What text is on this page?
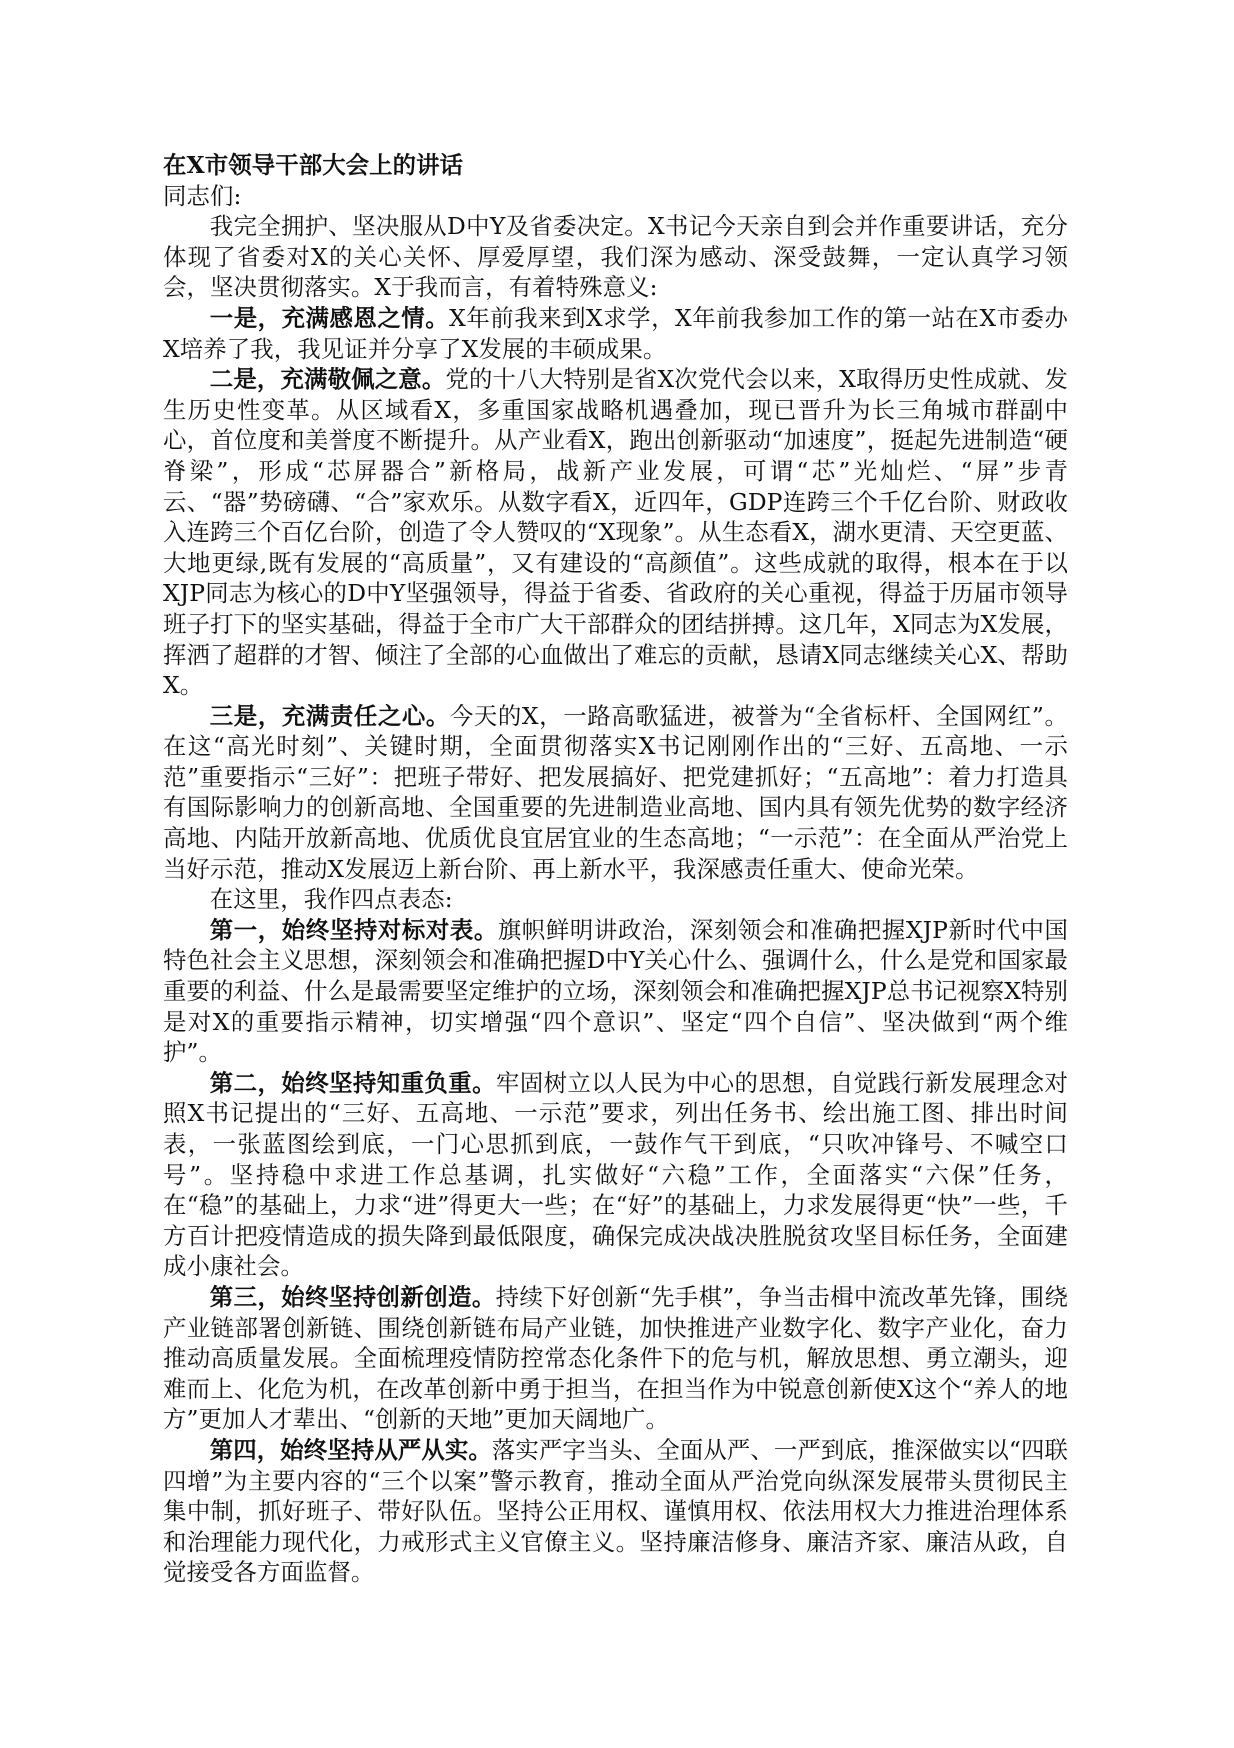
在X市领导干部大会上的讲话

同志们:

我完全拥护、坚决服从D中Y及省委决定。X书记今天亲自到会并作重要讲话，充分体现了省委对X的关心关怀、厚爱厚望，我们深为感动、深受鼓舞，一定认真学习领会，坚决贯彻落实。X于我而言，有着特殊意义:

一是，充满感恩之情。X年前我来到X求学，X年前我参加工作的第一站在X市委办X培养了我，我见证并分享了X发展的丰硕成果。

二是，充满敬佩之意。党的十八大特别是省X次党代会以来，X取得历史性成就、发生历史性变革。从区域看X，多重国家战略机遇叠加，现已晋升为长三角城市群副中心，首位度和美誉度不断提升。从产业看X，跑出创新驱动“加速度”，挺起先进制造“硬脊梁”，形成“芯屏器合”新格局，战新产业发展，可谓“芯”光灿烂、“屏”步青云、“器”势磅礴、“合”家欢乐。从数字看X，近四年，GDP连跨三个千亿台阶、财政收入连跨三个百亿台阶，创造了令人赞叹的“X现象”。从生态看X，湖水更清、天空更蓝、大地更绿,既有发展的“高质量”，又有建设的“高颜值”。这些成就的取得，根本在于以XJP同志为核心的D中Y坚强领导，得益于省委、省政府的关心重视，得益于历届市领导班子打下的坚实基础，得益于全市广大干部群众的团结拼搏。这几年，X同志为X发展，挥洒了超群的才智、倾注了全部的心血做出了难忘的贡献，恳请X同志继续关心X、帮助X。

三是，充满责任之心。今天的X，一路高歌猛进，被誉为“全省标杆、全国网红”。在这“高光时刻”、关键时期，全面贯彻落实X书记刚刚作出的“三好、五高地、一示范”重要指示“三好”：把班子带好、把发展搞好、把党建抓好；“五高地”：着力打造具有国际影响力的创新高地、全国重要的先进制造业高地、国内具有领先优势的数字经济高地、内陆开放新高地、优质优良宜居宜业的生态高地；“一示范”：在全面从严治党上当好示范，推动X发展迈上新台阶、再上新水平，我深感责任重大、使命光荣。

在这里，我作四点表态:

第一，始终坚持对标对表。旗帜鲜明讲政治，深刻领会和准确把握XJP新时代中国特色社会主义思想，深刻领会和准确把握D中Y关心什么、强调什么，什么是党和国家最重要的利益、什么是最需要坚定维护的立场，深刻领会和准确把握XJP总书记视察X特别是对X的重要指示精神，切实增强“四个意识”、坚定“四个自信”、坚决做到“两个维护”。

第二，始终坚持知重负重。牢固树立以人民为中心的思想，自觉践行新发展理念对照X书记提出的“三好、五高地、一示范”要求，列出任务书、绘出施工图、排出时间表，一张蓝图绘到底，一门心思抓到底，一鼓作气干到底，“只吹冲锋号、不喊空口号”。坚持稳中求进工作总基调，扎实做好“六稳”工作，全面落实“六保”任务，在“稳”的基础上，力求“进”得更大一些；在“好”的基础上，力求发展得更“快”一些，千方百计把疫情造成的损失降到最低限度，确保完成决战决胜脱贫攻坚目标任务，全面建成小康社会。

第三，始终坚持创新创造。持续下好创新“先手棋”，争当击楫中流改革先锋，围绕产业链部署创新链、围绕创新链布局产业链，加快推进产业数字化、数字产业化，奋力推动高质量发展。全面梳理疫情防控常态化条件下的危与机，解放思想、勇立潮头，迎难而上、化危为机，在改革创新中勇于担当，在担当作为中锐意创新使X这个“养人的地方”更加人才辈出、“创新的天地”更加天阔地广。

第四，始终坚持从严从实。落实严字当头、全面从严、一严到底，推深做实以“四联四增”为主要内容的“三个以案”警示教育，推动全面从严治党向纵深发展带头贯彻民主集中制，抓好班子、带好队伍。坚持公正用权、谨慎用权、依法用权大力推进治理体系和治理能力现代化，力戒形式主义官僚主义。坚持廉洁修身、廉洁齐家、廉洁从政，自觉接受各方面监督。
